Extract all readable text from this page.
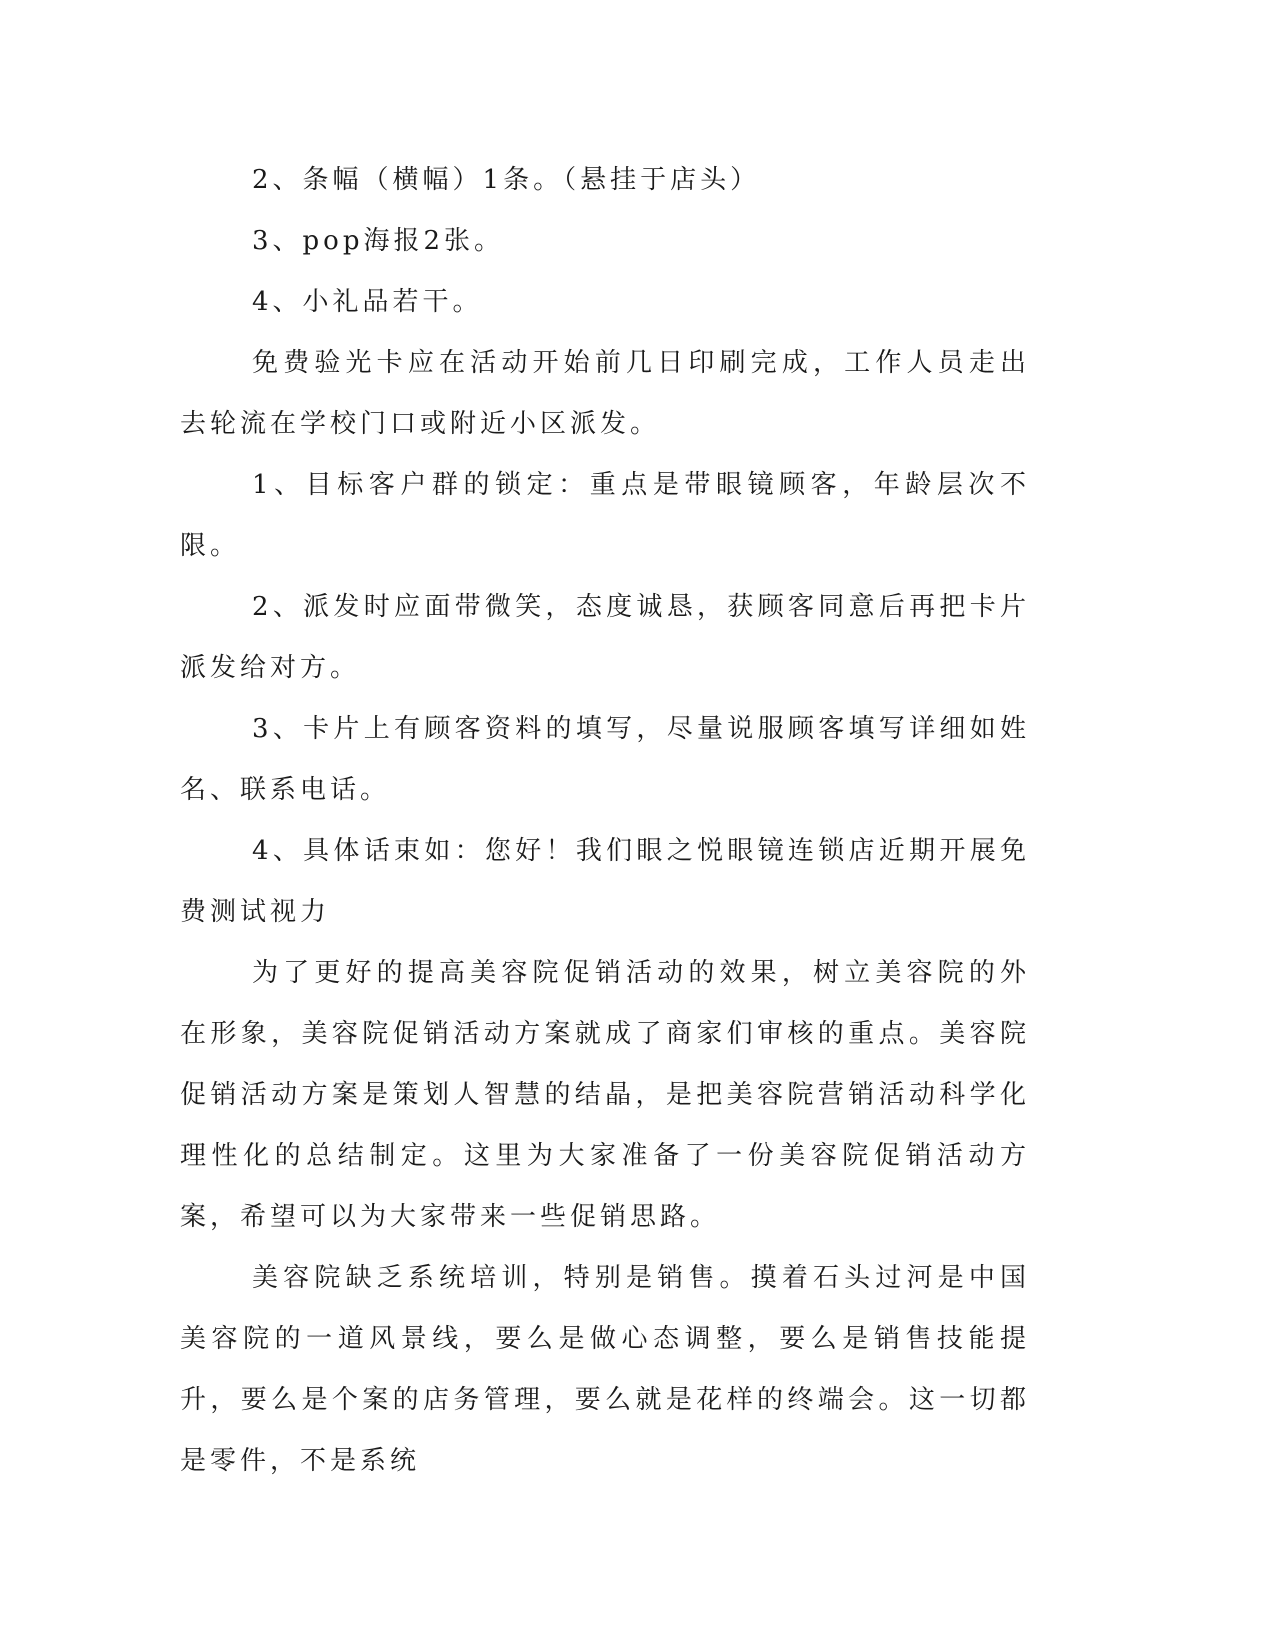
2、条幅（横幅）1条。（悬挂于店头）

3、pop海报2张。

4、小礼品若干。

免费验光卡应在活动开始前几日印刷完成，工作人员走出去轮流在学校门口或附近小区派发。

1、目标客户群的锁定：重点是带眼镜顾客，年龄层次不限。

2、派发时应面带微笑，态度诚恳，获顾客同意后再把卡片派发给对方。

3、卡片上有顾客资料的填写，尽量说服顾客填写详细如姓名、联系电话。

4、具体话束如：您好！我们眼之悦眼镜连锁店近期开展免费测试视力

为了更好的提高美容院促销活动的效果，树立美容院的外在形象，美容院促销活动方案就成了商家们审核的重点。美容院促销活动方案是策划人智慧的结晶，是把美容院营销活动科学化理性化的总结制定。这里为大家准备了一份美容院促销活动方案，希望可以为大家带来一些促销思路。

美容院缺乏系统培训，特别是销售。摸着石头过河是中国美容院的一道风景线，要么是做心态调整，要么是销售技能提升，要么是个案的店务管理，要么就是花样的终端会。这一切都是零件，不是系统
